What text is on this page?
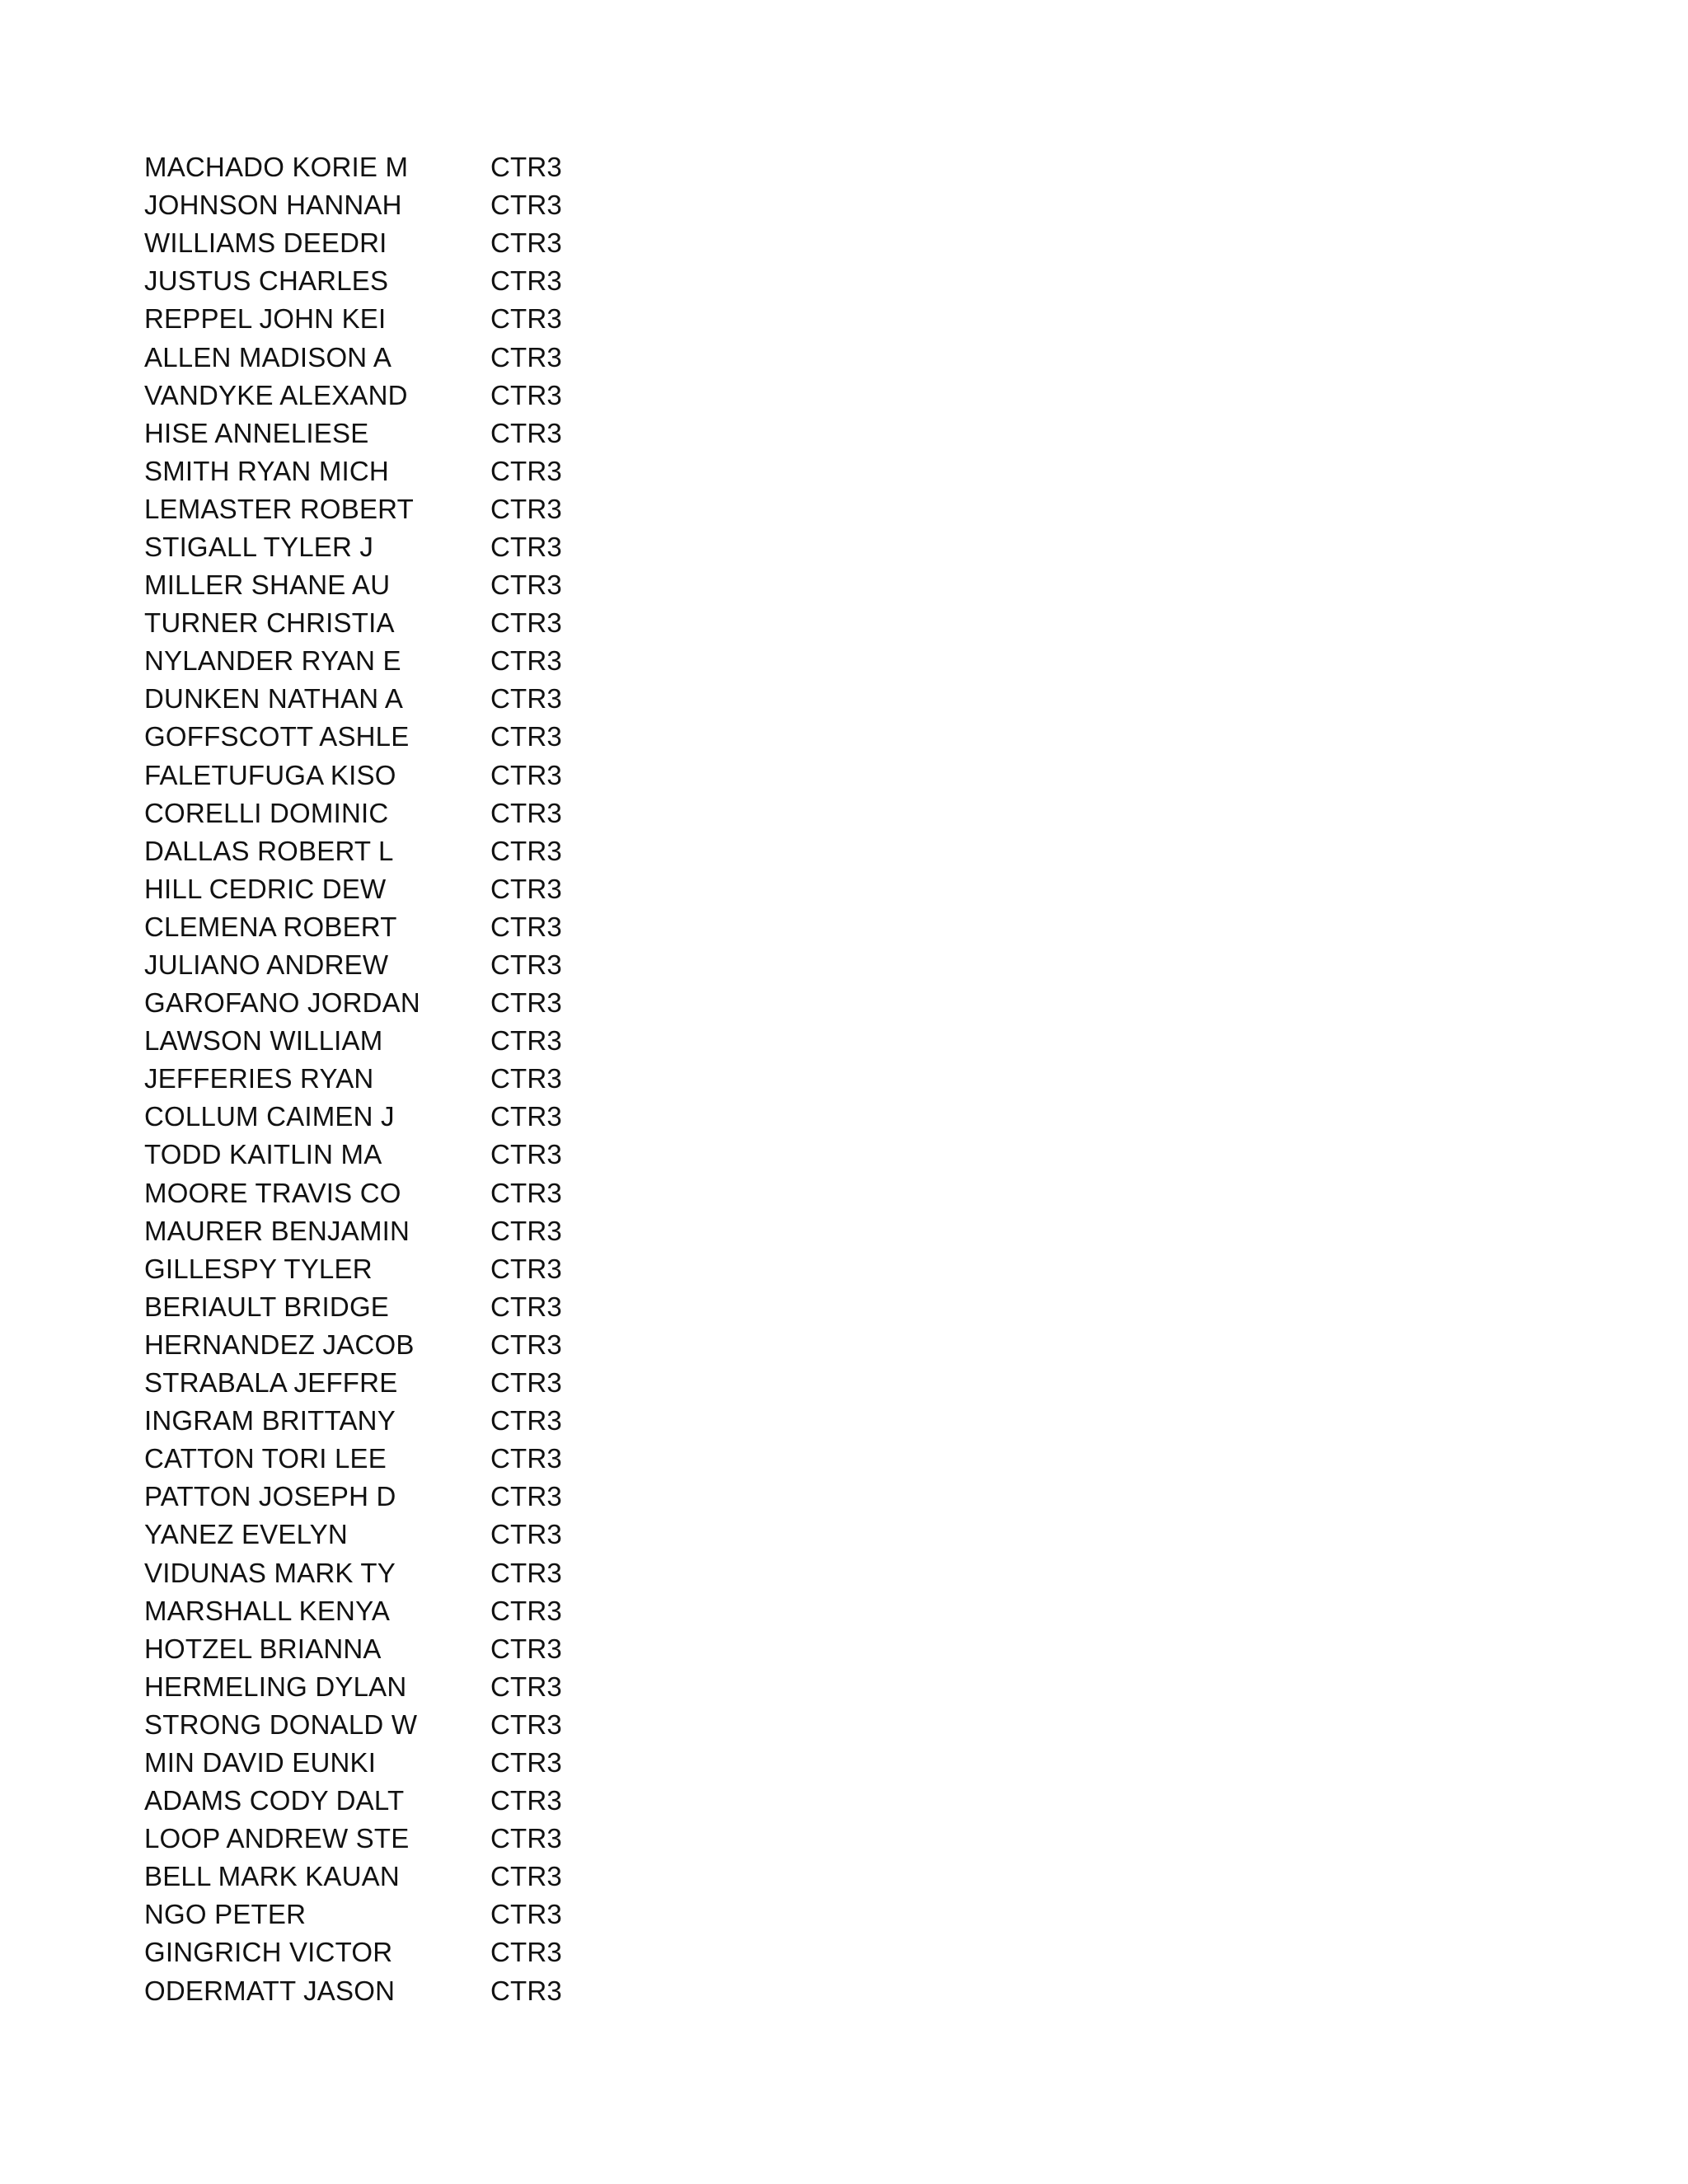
MACHADO KORIE M	CTR3
JOHNSON HANNAH	CTR3
WILLIAMS DEEDRI	CTR3
JUSTUS CHARLES	CTR3
REPPEL JOHN KEI	CTR3
ALLEN MADISON A	CTR3
VANDYKE ALEXAND	CTR3
HISE ANNELIESE	CTR3
SMITH RYAN MICH	CTR3
LEMASTER ROBERT	CTR3
STIGALL TYLER J	CTR3
MILLER SHANE AU	CTR3
TURNER CHRISTIA	CTR3
NYLANDER RYAN E	CTR3
DUNKEN NATHAN A	CTR3
GOFFSCOTT ASHLE	CTR3
FALETUFUGA KISO	CTR3
CORELLI DOMINIC	CTR3
DALLAS ROBERT L	CTR3
HILL CEDRIC DEW	CTR3
CLEMENA ROBERT	CTR3
JULIANO ANDREW	CTR3
GAROFANO JORDAN	CTR3
LAWSON WILLIAM	CTR3
JEFFERIES RYAN	CTR3
COLLUM CAIMEN J	CTR3
TODD KAITLIN MA	CTR3
MOORE TRAVIS CO	CTR3
MAURER BENJAMIN	CTR3
GILLESPY TYLER	CTR3
BERIAULT BRIDGE	CTR3
HERNANDEZ JACOB	CTR3
STRABALA JEFFRE	CTR3
INGRAM BRITTANY	CTR3
CATTON TORI LEE	CTR3
PATTON JOSEPH D	CTR3
YANEZ EVELYN	CTR3
VIDUNAS MARK TY	CTR3
MARSHALL KENYA	CTR3
HOTZEL BRIANNA	CTR3
HERMELING DYLAN	CTR3
STRONG DONALD W	CTR3
MIN DAVID EUNKI	CTR3
ADAMS CODY DALT	CTR3
LOOP ANDREW STE	CTR3
BELL MARK KAUAN	CTR3
NGO PETER	CTR3
GINGRICH VICTOR	CTR3
ODERMATT JASON	CTR3
